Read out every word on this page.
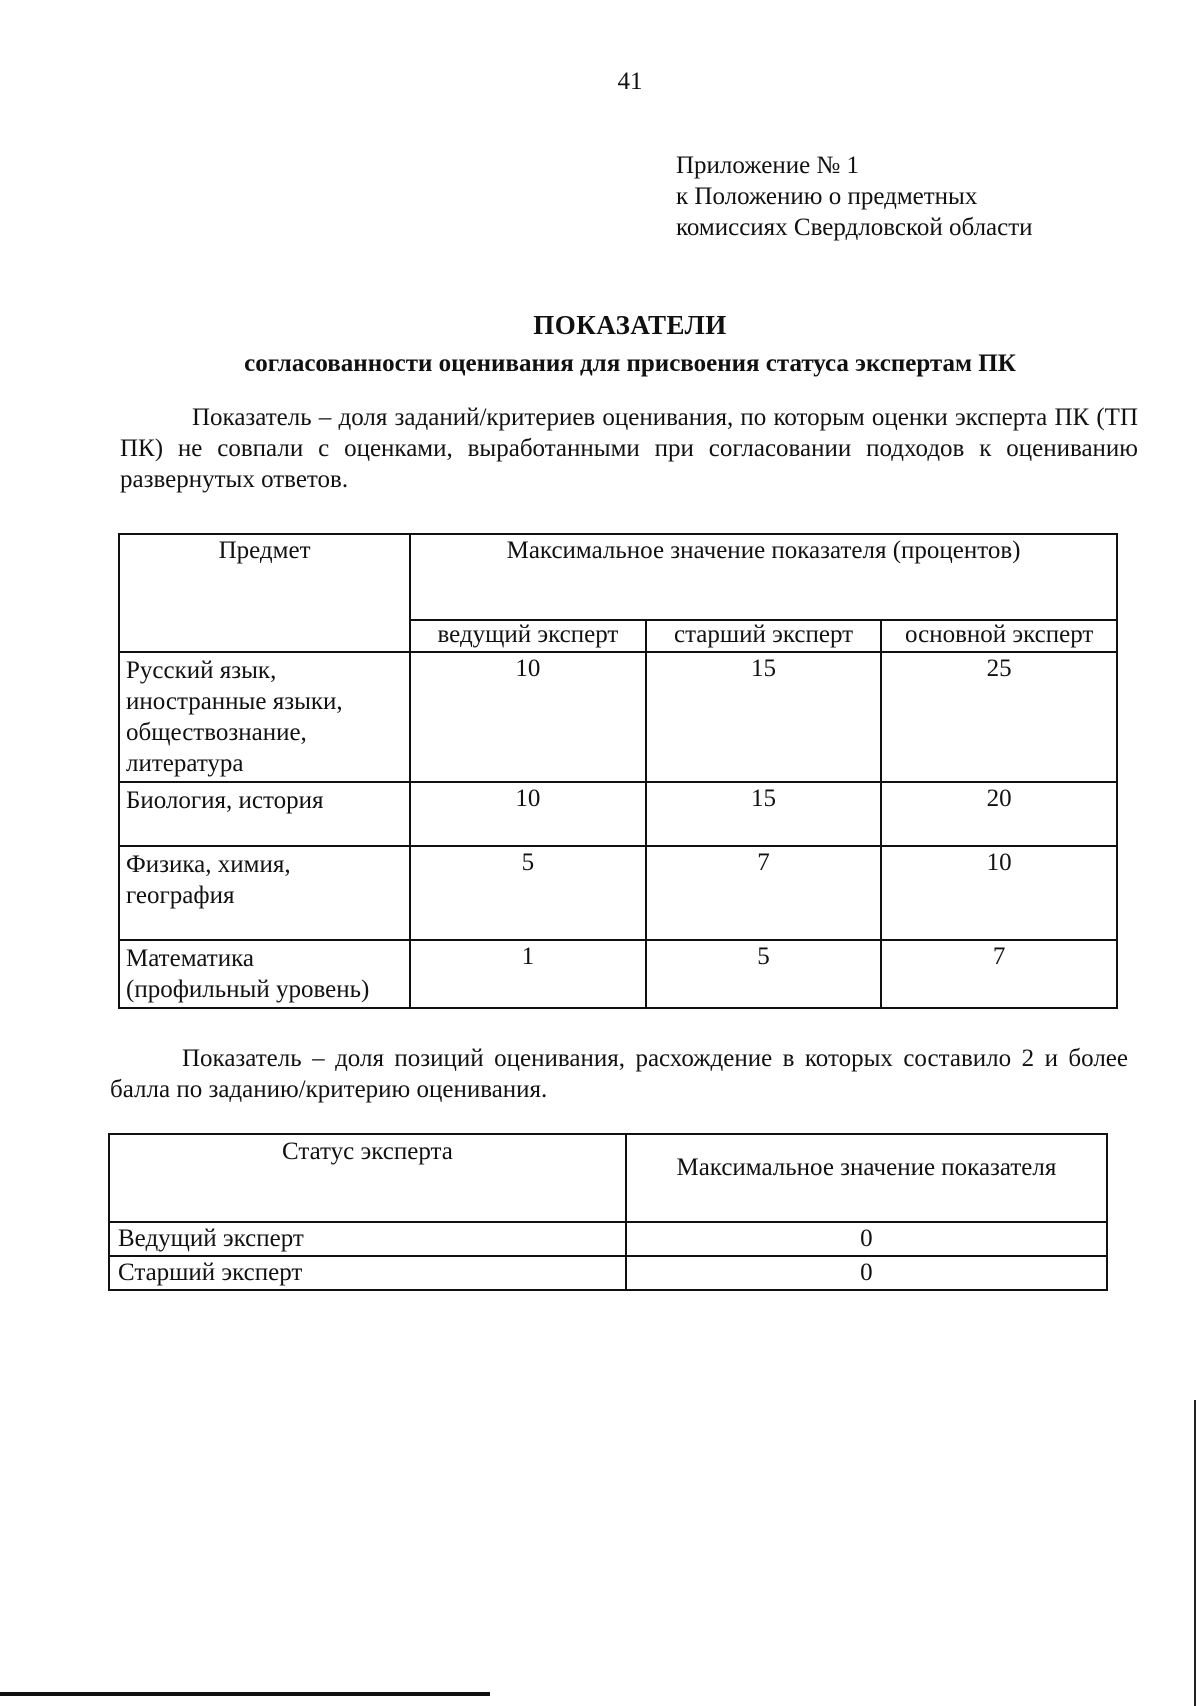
41
Приложение № 1
к Положению о предметных
комиссиях Свердловской области
ПОКАЗАТЕЛИ
согласованности оценивания для присвоения статуса экспертам ПК
Показатель – доля заданий/критериев оценивания, по которым оценки эксперта ПК (ТП ПК) не совпали с оценками, выработанными при согласовании подходов к оцениванию развернутых ответов.
Предмет	Максимальное значение показателя (процентов)		
	ведущий эксперт	старший эксперт	основной эксперт
Русский язык, иностранные языки, обществознание, литература	10	15	25
Биология, история	10	15	20
Физика, химия, география	5	7	10
Математика (профильный уровень)	1	5	7
Показатель – доля позиций оценивания, расхождение в которых составило 2 и более балла по заданию/критерию оценивания.
Статус эксперта	Максимальное значение показателя
Ведущий эксперт	0
Старший эксперт	0
